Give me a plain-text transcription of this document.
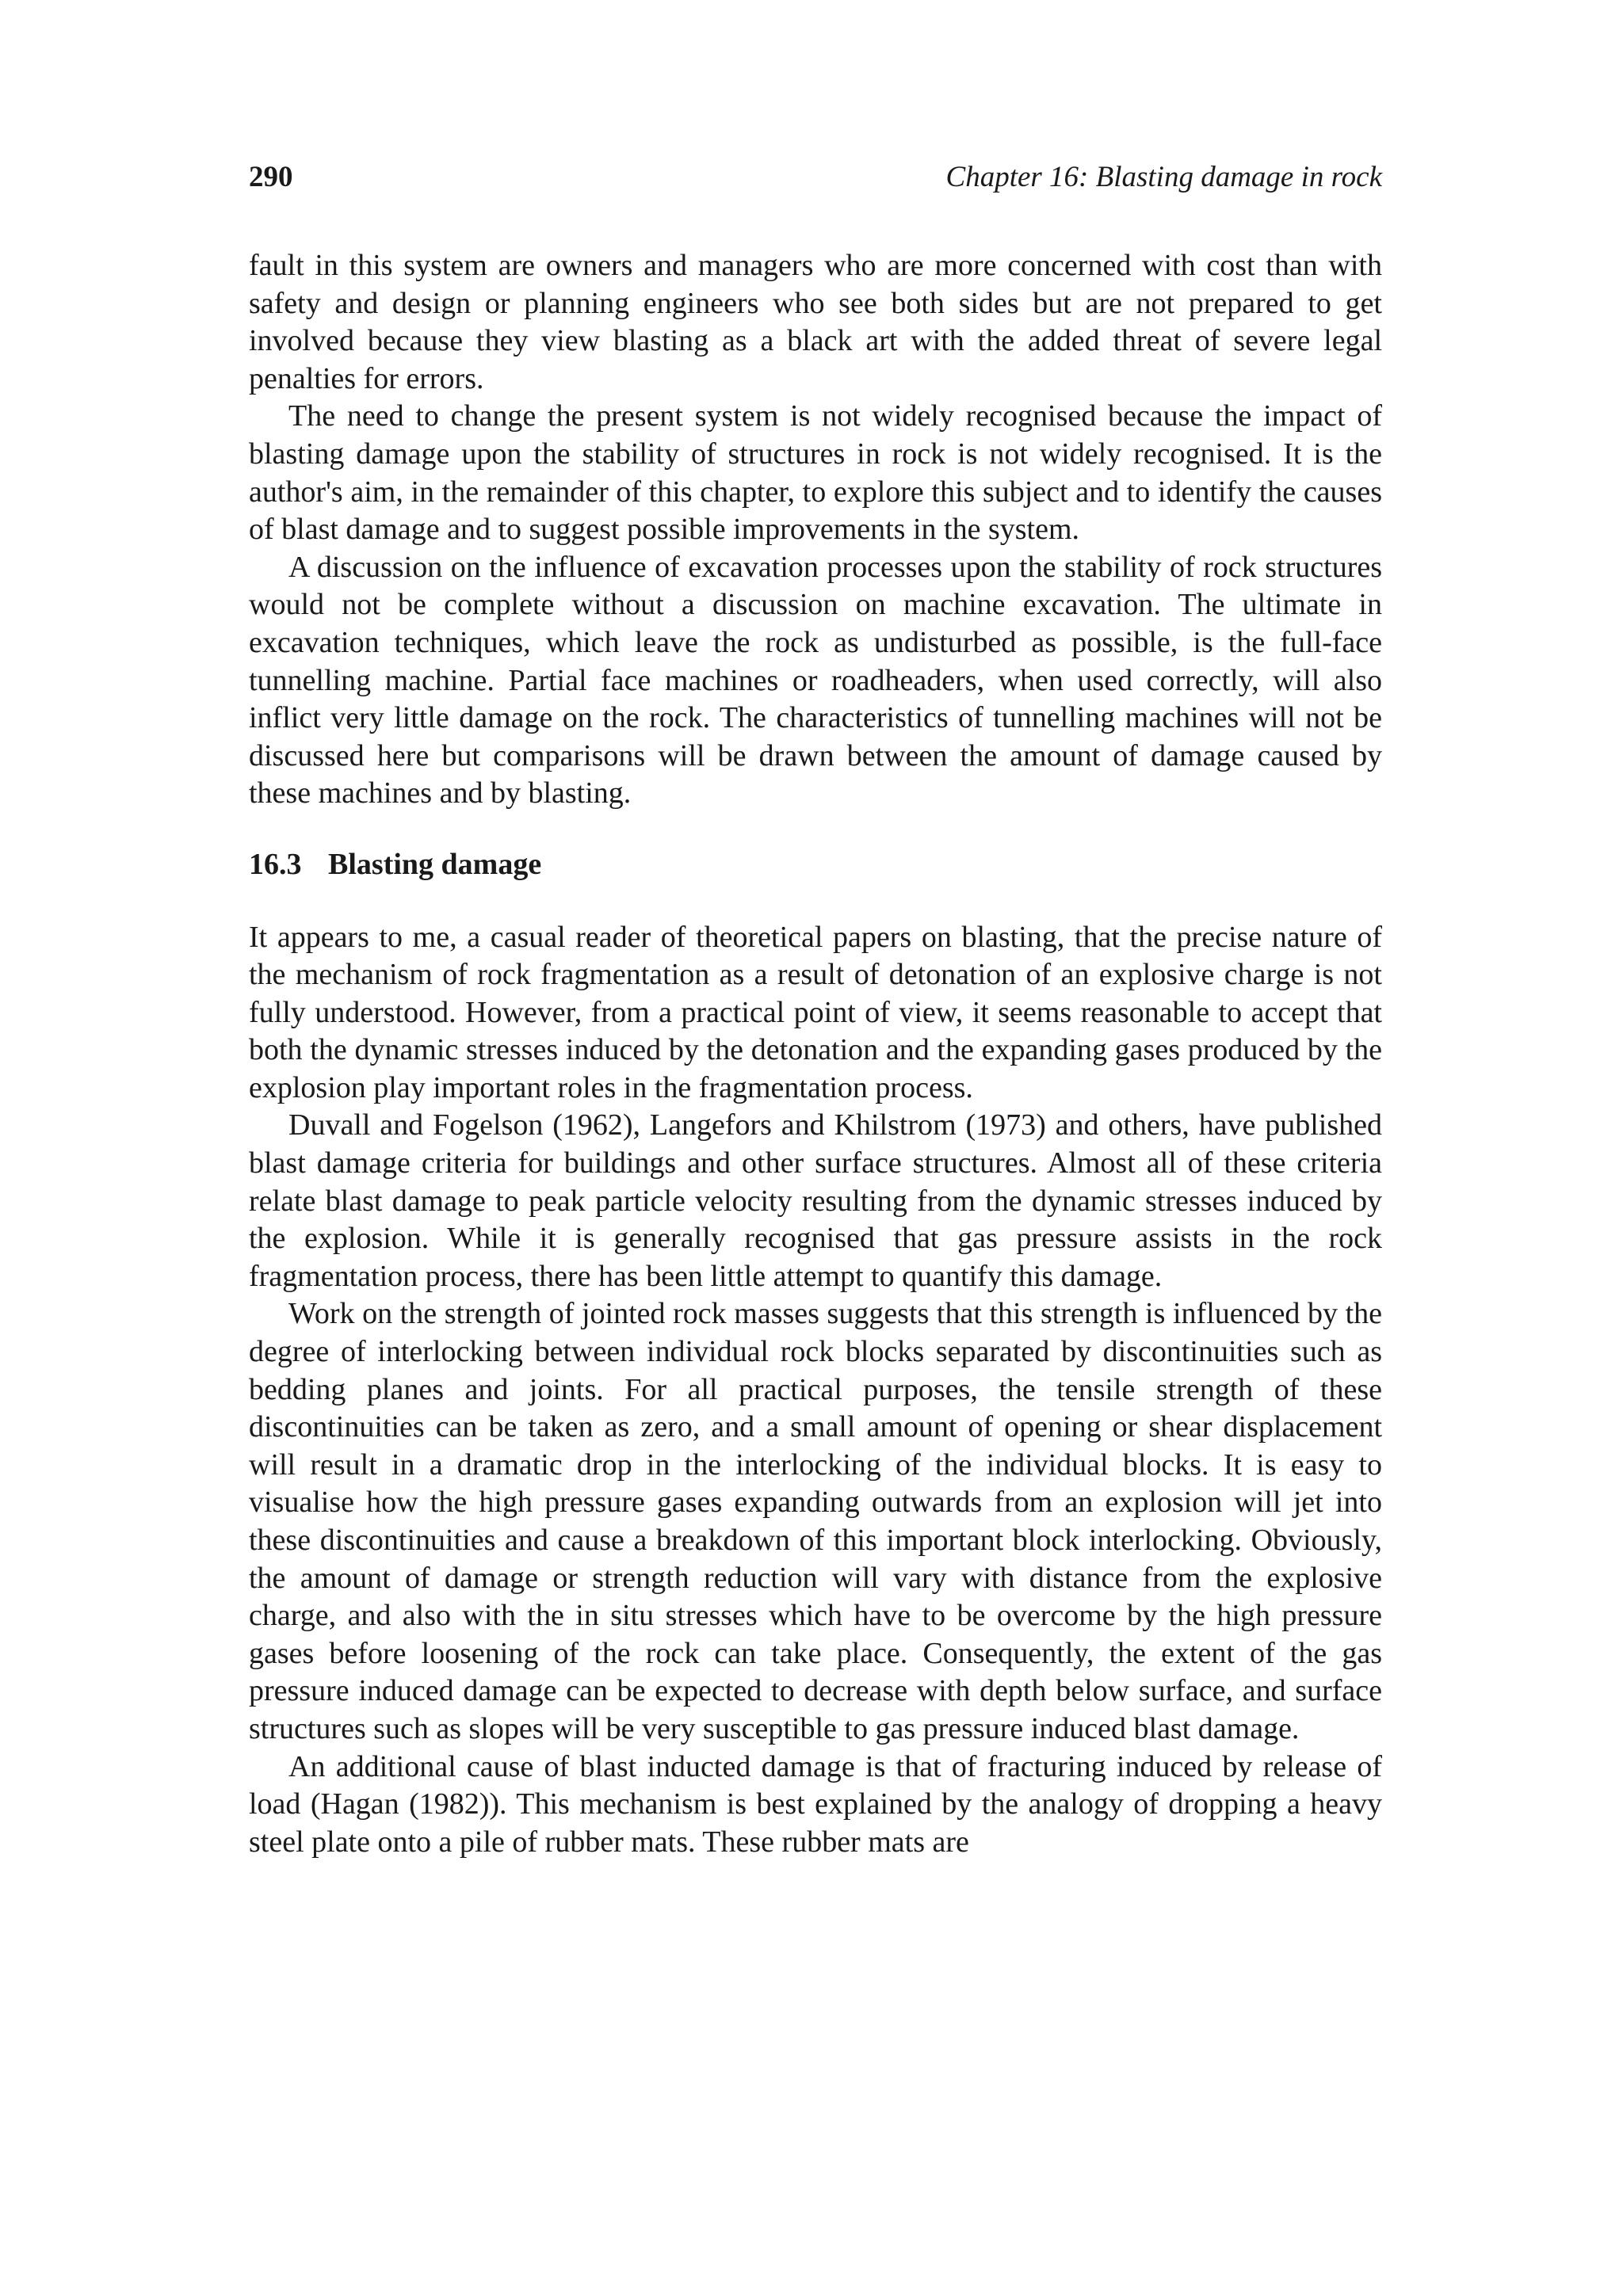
290	Chapter 16: Blasting damage in rock

fault in this system are owners and managers who are more concerned with cost than with safety and design or planning engineers who see both sides but are not prepared to get involved because they view blasting as a black art with the added threat of severe legal penalties for errors.

The need to change the present system is not widely recognised because the impact of blasting damage upon the stability of structures in rock is not widely recognised. It is the author's aim, in the remainder of this chapter, to explore this subject and to identify the causes of blast damage and to suggest possible improvements in the system.

A discussion on the influence of excavation processes upon the stability of rock structures would not be complete without a discussion on machine excavation. The ultimate in excavation techniques, which leave the rock as undisturbed as possible, is the full-face tunnelling machine. Partial face machines or roadheaders, when used correctly, will also inflict very little damage on the rock. The characteristics of tunnelling machines will not be discussed here but comparisons will be drawn between the amount of damage caused by these machines and by blasting.

16.3 Blasting damage

It appears to me, a casual reader of theoretical papers on blasting, that the precise nature of the mechanism of rock fragmentation as a result of detonation of an explosive charge is not fully understood. However, from a practical point of view, it seems reasonable to accept that both the dynamic stresses induced by the detonation and the expanding gases produced by the explosion play important roles in the fragmentation process.

Duvall and Fogelson (1962), Langefors and Khilstrom (1973) and others, have published blast damage criteria for buildings and other surface structures. Almost all of these criteria relate blast damage to peak particle velocity resulting from the dynamic stresses induced by the explosion. While it is generally recognised that gas pressure assists in the rock fragmentation process, there has been little attempt to quantify this damage.

Work on the strength of jointed rock masses suggests that this strength is influenced by the degree of interlocking between individual rock blocks separated by discontinuities such as bedding planes and joints. For all practical purposes, the tensile strength of these discontinuities can be taken as zero, and a small amount of opening or shear displacement will result in a dramatic drop in the interlocking of the individual blocks. It is easy to visualise how the high pressure gases expanding outwards from an explosion will jet into these discontinuities and cause a breakdown of this important block interlocking. Obviously, the amount of damage or strength reduction will vary with distance from the explosive charge, and also with the in situ stresses which have to be overcome by the high pressure gases before loosening of the rock can take place. Consequently, the extent of the gas pressure induced damage can be expected to decrease with depth below surface, and surface structures such as slopes will be very susceptible to gas pressure induced blast damage.

An additional cause of blast inducted damage is that of fracturing induced by release of load (Hagan (1982)). This mechanism is best explained by the analogy of dropping a heavy steel plate onto a pile of rubber mats. These rubber mats are
